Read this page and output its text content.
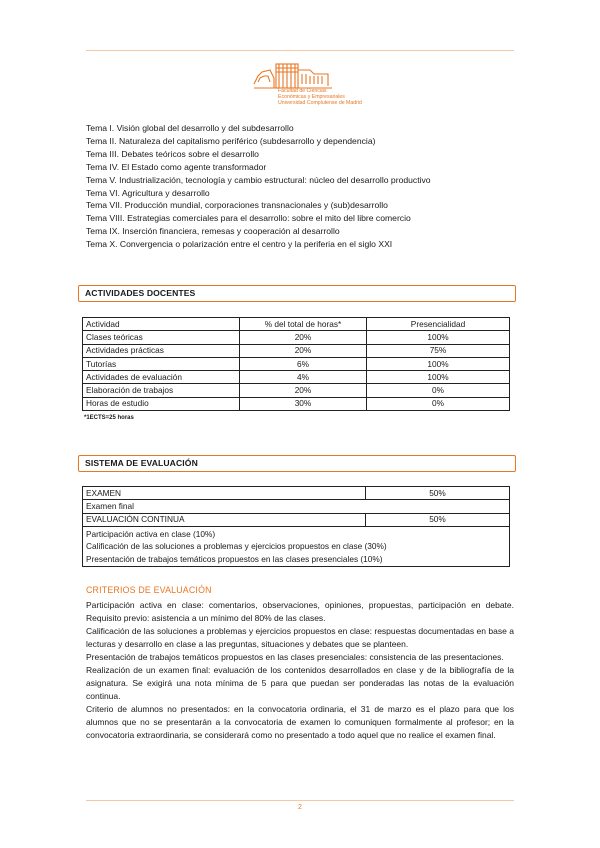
Facultad de Ciencias
Económicas y Empresariales
Universidad Complutense de Madrid
Tema I. Visión global del desarrollo y del subdesarrollo
Tema II. Naturaleza del capitalismo periférico (subdesarrollo y dependencia)
Tema III. Debates teóricos sobre el desarrollo
Tema IV. El Estado como agente transformador
Tema V. Industrialización, tecnología y cambio estructural: núcleo del desarrollo productivo
Tema VI. Agricultura y desarrollo
Tema VII. Producción mundial, corporaciones transnacionales y (sub)desarrollo
Tema VIII. Estrategias comerciales para el desarrollo: sobre el mito del libre comercio
Tema IX. Inserción financiera, remesas y cooperación al desarrollo
Tema X. Convergencia o polarización entre el centro y la periferia en el siglo XXI
ACTIVIDADES DOCENTES
Actividad	% del total de horas*	Presencialidad
Clases teóricas	20%	100%
Actividades prácticas	20%	75%
Tutorías	6%	100%
Actividades de evaluación	4%	100%
Elaboración de trabajos	20%	0%
Horas de estudio	30%	0%
*1ECTS=25 horas
SISTEMA DE EVALUACIÓN
EXAMEN	50%
Examen final	
EVALUACIÓN CONTINUA	50%

Participación activa en clase (10%)
Calificación de las soluciones a problemas y ejercicios propuestos en clase (30%)
Presentación de trabajos temáticos propuestos en las clases presenciales (10%)	
CRITERIOS DE EVALUACIÓN

Participación activa en clase: comentarios, observaciones, opiniones, propuestas, participación en debate. Requisito previo: asistencia a un mínimo del 80% de las clases.

Calificación de las soluciones a problemas y ejercicios propuestos en clase: respuestas documentadas en base a lecturas y desarrollo en clase a las preguntas, situaciones y debates que se planteen.

Presentación de trabajos temáticos propuestos en las clases presenciales: consistencia de las presentaciones.

Realización de un examen final: evaluación de los contenidos desarrollados en clase y de la bibliografía de la asignatura. Se exigirá una nota mínima de 5 para que puedan ser ponderadas las notas de la evaluación continua.

Criterio de alumnos no presentados: en la convocatoria ordinaria, el 31 de marzo es el plazo para que los alumnos que no se presentarán a la convocatoria de examen lo comuniquen formalmente al profesor; en la convocatoria extraordinaria, se considerará como no presentado a todo aquel que no realice el examen final.

2
